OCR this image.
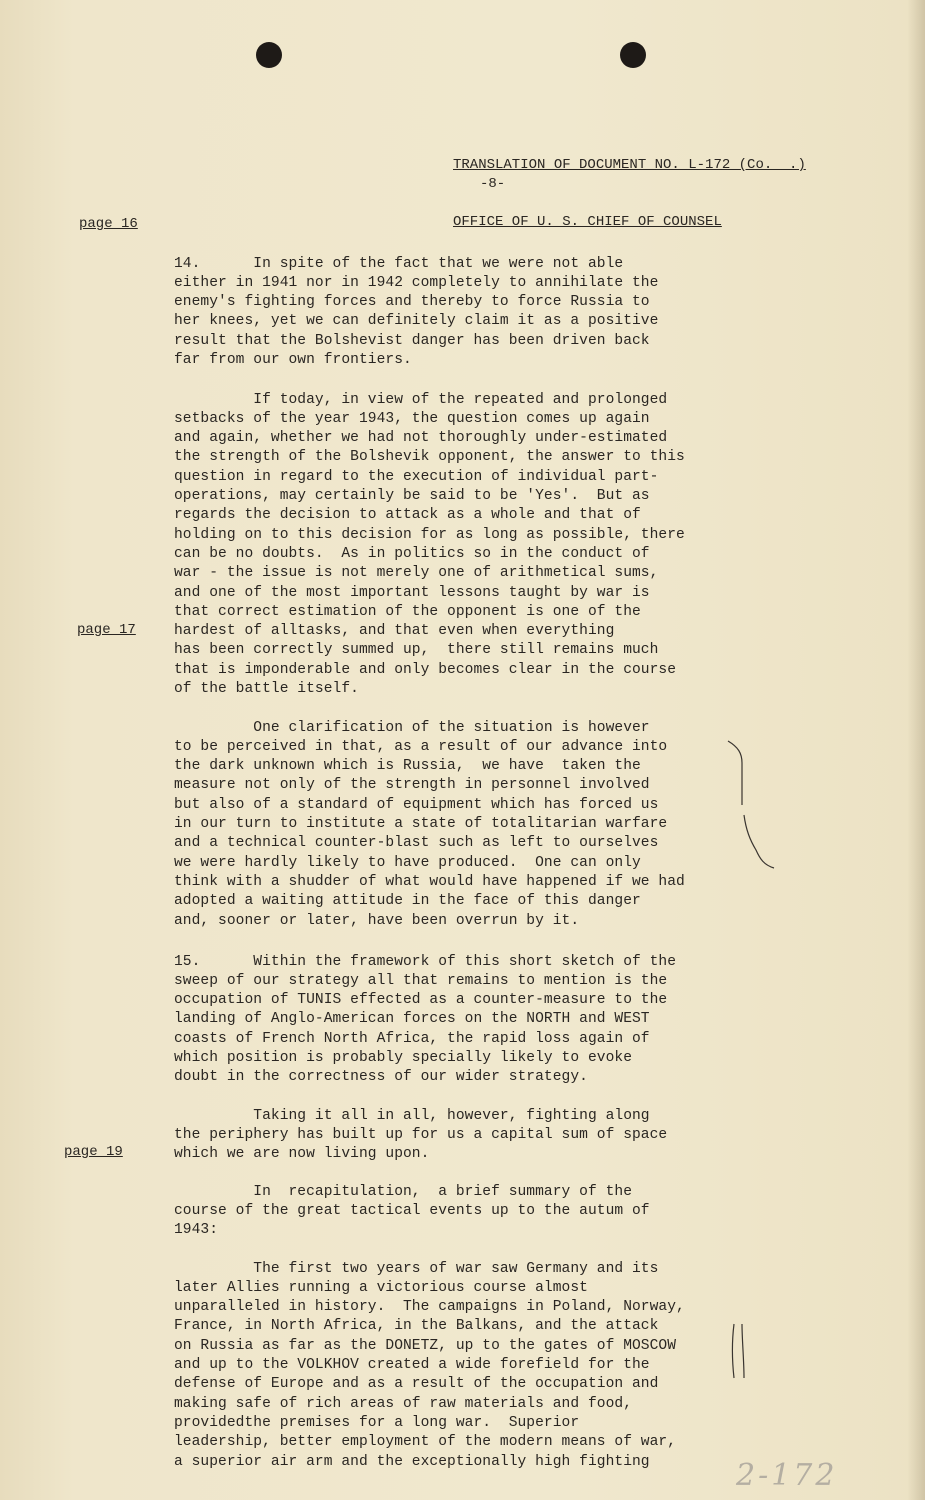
TRANSLATION OF DOCUMENT NO. L-172 (Co.  .)

OFFICE OF U. S. CHIEF OF COUNSEL

-8-
page 16
page 17
page 19

14.      In spite of the fact that we were not able
either in 1941 nor in 1942 completely to annihilate the
enemy's fighting forces and thereby to force Russia to
her knees, yet we can definitely claim it as a positive
result that the Bolshevist danger has been driven back
far from our own frontiers.

If today, in view of the repeated and prolonged
setbacks of the year 1943, the question comes up again
and again, whether we had not thoroughly under-estimated
the strength of the Bolshevik opponent, the answer to this
question in regard to the execution of individual part-
operations, may certainly be said to be 'Yes'.  But as
regards the decision to attack as a whole and that of
holding on to this decision for as long as possible, there
can be no doubts.  As in politics so in the conduct of
war - the issue is not merely one of arithmetical sums,
and one of the most important lessons taught by war is
that correct estimation of the opponent is one of the
hardest of alltasks, and that even when everything
has been correctly summed up,  there still remains much
that is imponderable and only becomes clear in the course
of the battle itself.

One clarification of the situation is however
to be perceived in that, as a result of our advance into
the dark unknown which is Russia,  we have  taken the
measure not only of the strength in personnel involved
but also of a standard of equipment which has forced us
in our turn to institute a state of totalitarian warfare
and a technical counter-blast such as left to ourselves
we were hardly likely to have produced.  One can only
think with a shudder of what would have happened if we had
adopted a waiting attitude in the face of this danger
and, sooner or later, have been overrun by it.

15.      Within the framework of this short sketch of the
sweep of our strategy all that remains to mention is the
occupation of TUNIS effected as a counter-measure to the
landing of Anglo-American forces on the NORTH and WEST
coasts of French North Africa, the rapid loss again of
which position is probably specially likely to evoke
doubt in the correctness of our wider strategy.

Taking it all in all, however, fighting along
the periphery has built up for us a capital sum of space
which we are now living upon.

In  recapitulation,  a brief summary of the
course of the great tactical events up to the autum of
1943:

The first two years of war saw Germany and its
later Allies running a victorious course almost
unparalleled in history.  The campaigns in Poland, Norway,
France, in North Africa, in the Balkans, and the attack
on Russia as far as the DONETZ, up to the gates of MOSCOW
and up to the VOLKHOV created a wide forefield for the
defense of Europe and as a result of the occupation and
making safe of rich areas of raw materials and food,
providedthe premises for a long war.  Superior
leadership, better employment of the modern means of war,
a superior air arm and the exceptionally high fighting	2-172
